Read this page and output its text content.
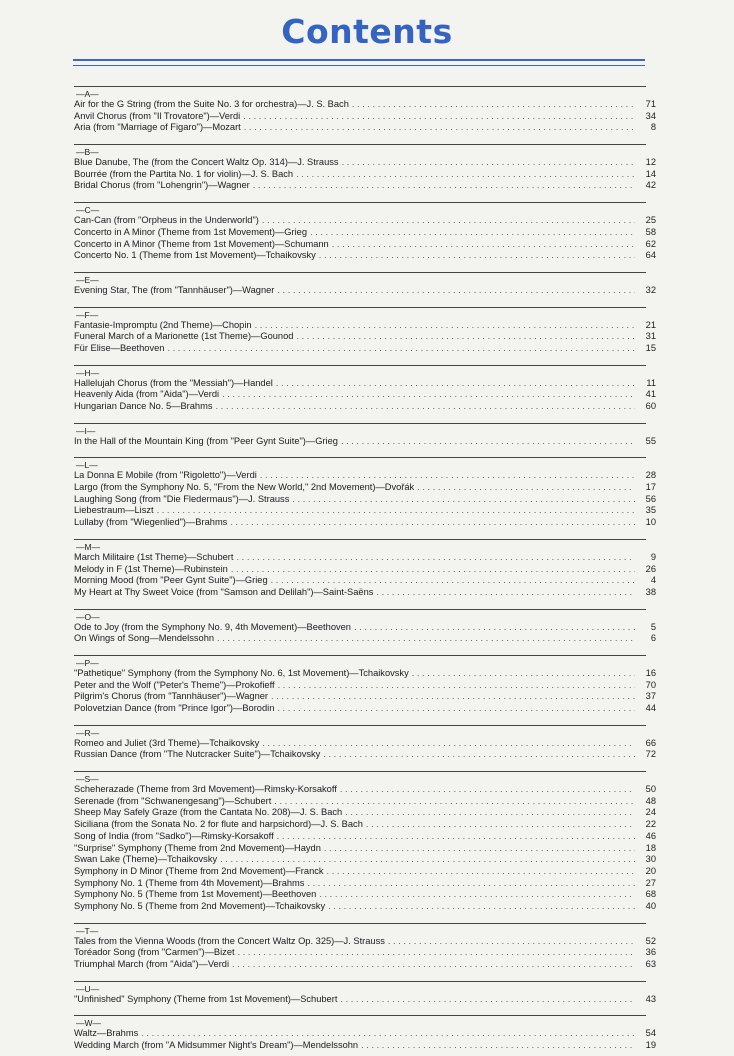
Contents
—A—
Air for the G String (from the Suite No. 3 for orchestra)—J. S. Bach . . .	71
Anvil Chorus (from "Il Trovatore")—Verdi . . .	34
Aria (from "Marriage of Figaro")—Mozart . . .	8
—B—
Blue Danube, The (from the Concert Waltz Op. 314)—J. Strauss . . .	12
Bourrée (from the Partita No. 1 for violin)—J. S. Bach . . .	14
Bridal Chorus (from "Lohengrin")—Wagner . . .	42
—C—
Can-Can (from "Orpheus in the Underworld") . . .	25
Concerto in A Minor (Theme from 1st Movement)—Grieg . . .	58
Concerto in A Minor (Theme from 1st Movement)—Schumann . . .	62
Concerto No. 1 (Theme from 1st Movement)—Tchaikovsky . . .	64
—E—
Evening Star, The (from "Tannhäuser")—Wagner . . .	32
—F—
Fantasie-Impromptu (2nd Theme)—Chopin . . .	21
Funeral March of a Marionette (1st Theme)—Gounod . . .	31
Für Elise—Beethoven . . .	15
—H—
Hallelujah Chorus (from the "Messiah")—Handel . . .	11
Heavenly Aida (from "Aida")—Verdi . . .	41
Hungarian Dance No. 5—Brahms . . .	60
—I—
In the Hall of the Mountain King (from "Peer Gynt Suite")—Grieg . . .	55
—L—
La Donna E Mobile (from "Rigoletto")—Verdi . . .	28
Largo (from the Symphony No. 5, "From the New World," 2nd Movement)—Dvořák . . .	17
Laughing Song (from "Die Fledermaus")—J. Strauss . . .	56
Liebestraum—Liszt . . .	35
Lullaby (from "Wiegenlied")—Brahms . . .	10
—M—
March Militaire (1st Theme)—Schubert . . .	9
Melody in F (1st Theme)—Rubinstein . . .	26
Morning Mood (from "Peer Gynt Suite")—Grieg . . .	4
My Heart at Thy Sweet Voice (from "Samson and Delilah")—Saint-Saëns . . .	38
—O—
Ode to Joy (from the Symphony No. 9, 4th Movement)—Beethoven . . .	5
On Wings of Song—Mendelssohn . . .	6
—P—
"Pathetique" Symphony (from the Symphony No. 6, 1st Movement)—Tchaikovsky . . .	16
Peter and the Wolf ("Peter's Theme")—Prokofieff . . .	70
Pilgrim's Chorus (from "Tannhäuser")—Wagner . . .	37
Polovetzian Dance (from "Prince Igor")—Borodin . . .	44
—R—
Romeo and Juliet (3rd Theme)—Tchaikovsky . . .	66
Russian Dance (from "The Nutcracker Suite")—Tchaikovsky . . .	72
—S—
Scheherazade (Theme from 3rd Movement)—Rimsky-Korsakoff . . .	50
Serenade (from "Schwanengesang")—Schubert . . .	48
Sheep May Safely Graze (from the Cantata No. 208)—J. S. Bach . . .	24
Siciliana (from the Sonata No. 2 for flute and harpsichord)—J. S. Bach . . .	22
Song of India (from "Sadko")—Rimsky-Korsakoff . . .	46
"Surprise" Symphony (Theme from 2nd Movement)—Haydn . . .	18
Swan Lake (Theme)—Tchaikovsky . . .	30
Symphony in D Minor (Theme from 2nd Movement)—Franck . . .	20
Symphony No. 1 (Theme from 4th Movement)—Brahms . . .	27
Symphony No. 5 (Theme from 1st Movement)—Beethoven . . .	68
Symphony No. 5 (Theme from 2nd Movement)—Tchaikovsky . . .	40
—T—
Tales from the Vienna Woods (from the Concert Waltz Op. 325)—J. Strauss . . .	52
Toréador Song (from "Carmen")—Bizet . . .	36
Triumphal March (from "Aida")—Verdi . . .	63
—U—
"Unfinished" Symphony (Theme from 1st Movement)—Schubert . . .	43
—W—
Waltz—Brahms . . .	54
Wedding March (from "A Midsummer Night's Dream")—Mendelssohn . . .	19
